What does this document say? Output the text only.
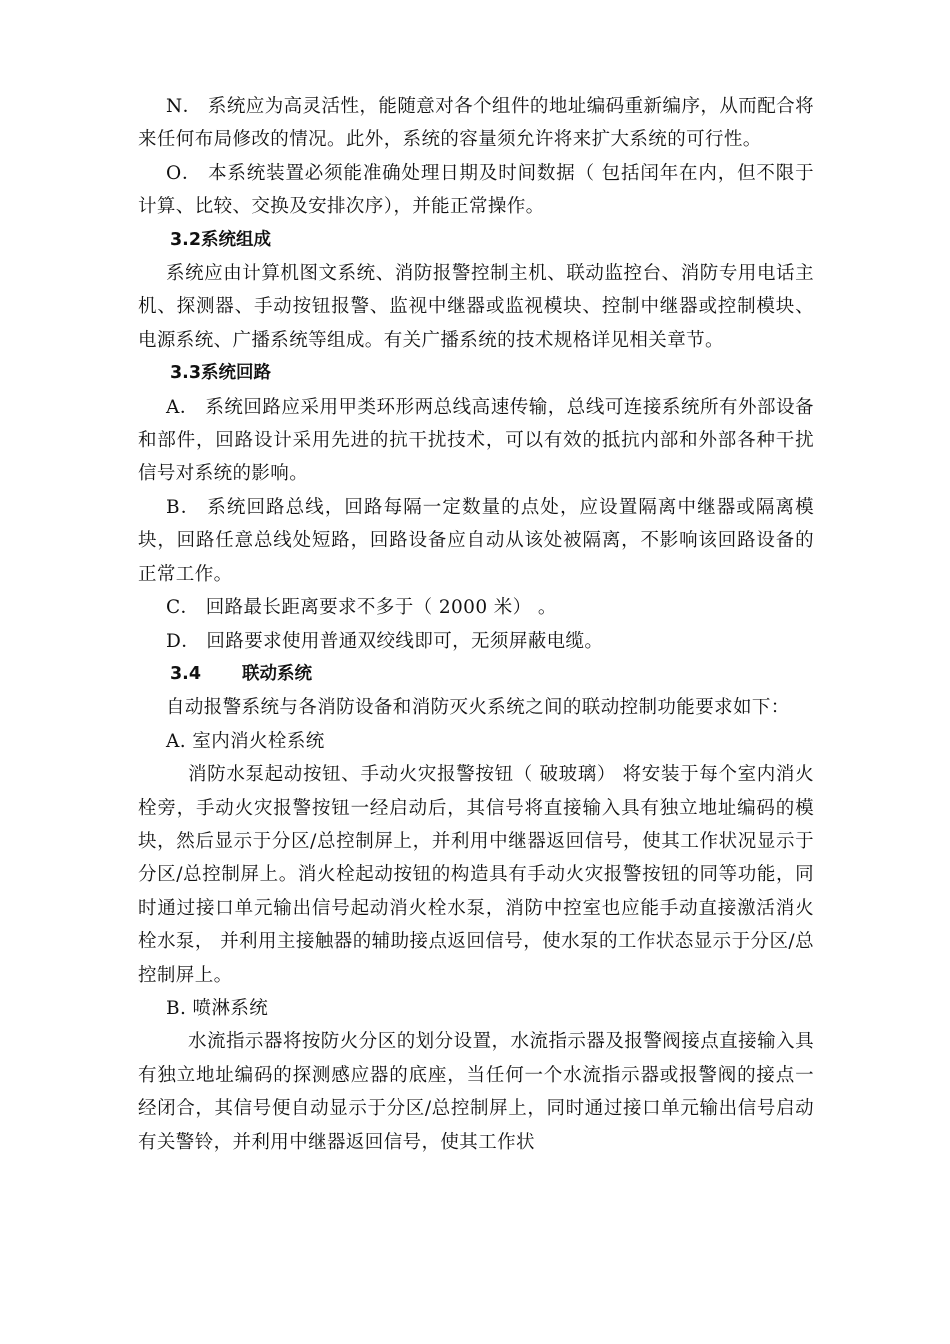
N． 系统应为高灵活性，能随意对各个组件的地址编码重新编序，从而配合将来任何布局修改的情况。此外，系统的容量须允许将来扩大系统的可行性。

O． 本系统装置必须能准确处理日期及时间数据（ 包括闰年在内，但不限于计算、比较、交换及安排次序），并能正常操作。

3.2系统组成

系统应由计算机图文系统、消防报警控制主机、联动监控台、消防专用电话主机、探测器、手动按钮报警、监视中继器或监视模块、控制中继器或控制模块、电源系统、广播系统等组成。有关广播系统的技术规格详见相关章节。

3.3系统回路

A． 系统回路应采用甲类环形两总线高速传输，总线可连接系统所有外部设备和部件，回路设计采用先进的抗干扰技术，可以有效的抵抗内部和外部各种干扰信号对系统的影响。

B． 系统回路总线，回路每隔一定数量的点处，应设置隔离中继器或隔离模块，回路任意总线处短路，回路设备应自动从该处被隔离，不影响该回路设备的正常工作。

C． 回路最长距离要求不多于（ 2000 米） 。

D． 回路要求使用普通双绞线即可，无须屏蔽电缆。

3.4 联动系统

自动报警系统与各消防设备和消防灭火系统之间的联动控制功能要求如下：

A. 室内消火栓系统

消防水泵起动按钮、手动火灾报警按钮（ 破玻璃） 将安装于每个室内消火栓旁，手动火灾报警按钮一经启动后，其信号将直接输入具有独立地址编码的模块，然后显示于分区/总控制屏上，并利用中继器返回信号，使其工作状况显示于分区/总控制屏上。消火栓起动按钮的构造具有手动火灾报警按钮的同等功能，同时通过接口单元输出信号起动消火栓水泵，消防中控室也应能手动直接激活消火栓水泵， 并利用主接触器的辅助接点返回信号，使水泵的工作状态显示于分区/总控制屏上。

B. 喷淋系统

水流指示器将按防火分区的划分设置，水流指示器及报警阀接点直接输入具有独立地址编码的探测感应器的底座，当任何一个水流指示器或报警阀的接点一经闭合，其信号便自动显示于分区/总控制屏上，同时通过接口单元输出信号启动有关警铃，并利用中继器返回信号，使其工作状
